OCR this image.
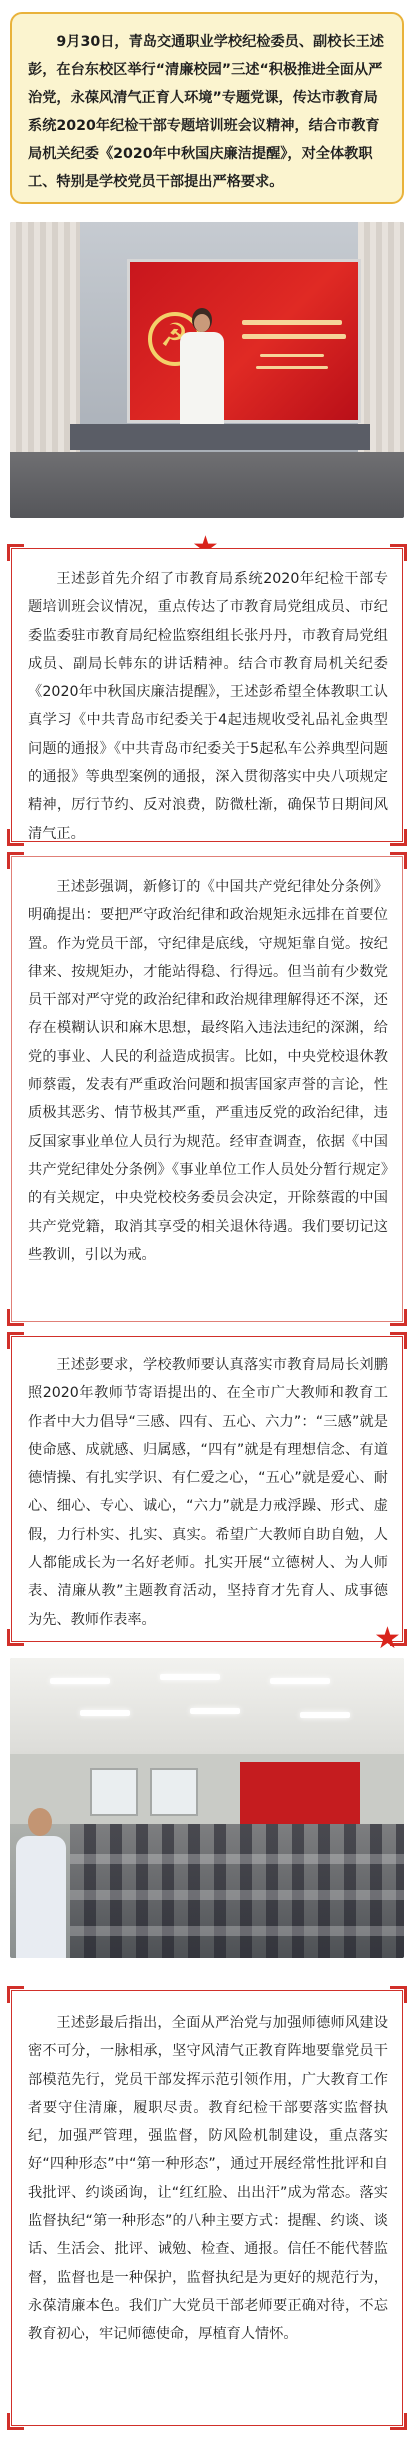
9月30日，青岛交通职业学校纪检委员、副校长王述彭，在台东校区举行“清廉校园”三述“积极推进全面从严治党，永葆风清气正育人环境”专题党课，传达市教育局系统2020年纪检干部专题培训班会议精神，结合市教育局机关纪委《2020年中秋国庆廉洁提醒》，对全体教职工、特别是学校党员干部提出严格要求。

☭

王述彭首先介绍了市教育局系统2020年纪检干部专题培训班会议情况，重点传达了市教育局党组成员、市纪委监委驻市教育局纪检监察组组长张丹丹，市教育局党组成员、副局长韩东的讲话精神。结合市教育局机关纪委《2020年中秋国庆廉洁提醒》，王述彭希望全体教职工认真学习《中共青岛市纪委关于4起违规收受礼品礼金典型问题的通报》《中共青岛市纪委关于5起私车公养典型问题的通报》等典型案例的通报，深入贯彻落实中央八项规定精神，厉行节约、反对浪费，防微杜渐，确保节日期间风清气正。

王述彭强调，新修订的《中国共产党纪律处分条例》明确提出：要把严守政治纪律和政治规矩永远排在首要位置。作为党员干部，守纪律是底线，守规矩靠自觉。按纪律来、按规矩办，才能站得稳、行得远。但当前有少数党员干部对严守党的政治纪律和政治规律理解得还不深，还存在模糊认识和麻木思想，最终陷入违法违纪的深渊，给党的事业、人民的利益造成损害。比如，中央党校退休教师蔡霞，发表有严重政治问题和损害国家声誉的言论，性质极其恶劣、情节极其严重，严重违反党的政治纪律，违反国家事业单位人员行为规范。经审查调查，依据《中国共产党纪律处分条例》《事业单位工作人员处分暂行规定》的有关规定，中央党校校务委员会决定，开除蔡霞的中国共产党党籍，取消其享受的相关退休待遇。我们要切记这些教训，引以为戒。

王述彭要求，学校教师要认真落实市教育局局长刘鹏照2020年教师节寄语提出的、在全市广大教师和教育工作者中大力倡导“三感、四有、五心、六力”：“三感”就是使命感、成就感、归属感，“四有”就是有理想信念、有道德情操、有扎实学识、有仁爱之心，“五心”就是爱心、耐心、细心、专心、诚心，“六力”就是力戒浮躁、形式、虚假，力行朴实、扎实、真实。希望广大教师自助自勉，人人都能成长为一名好老师。扎实开展“立德树人、为人师表、清廉从教”主题教育活动，坚持育才先育人、成事德为先、教师作表率。

★

王述彭最后指出，全面从严治党与加强师德师风建设密不可分，一脉相承，坚守风清气正教育阵地要靠党员干部模范先行，党员干部发挥示范引领作用，广大教育工作者要守住清廉，履职尽责。教育纪检干部要落实监督执纪，加强严管理，强监督，防风险机制建设，重点落实好“四种形态”中“第一种形态”，通过开展经常性批评和自我批评、约谈函询，让“红红脸、出出汗”成为常态。落实监督执纪“第一种形态”的八种主要方式：提醒、约谈、谈话、生活会、批评、诫勉、检查、通报。信任不能代替监督，监督也是一种保护，监督执纪是为更好的规范行为，永葆清廉本色。我们广大党员干部老师要正确对待，不忘教育初心，牢记师德使命，厚植育人情怀。
